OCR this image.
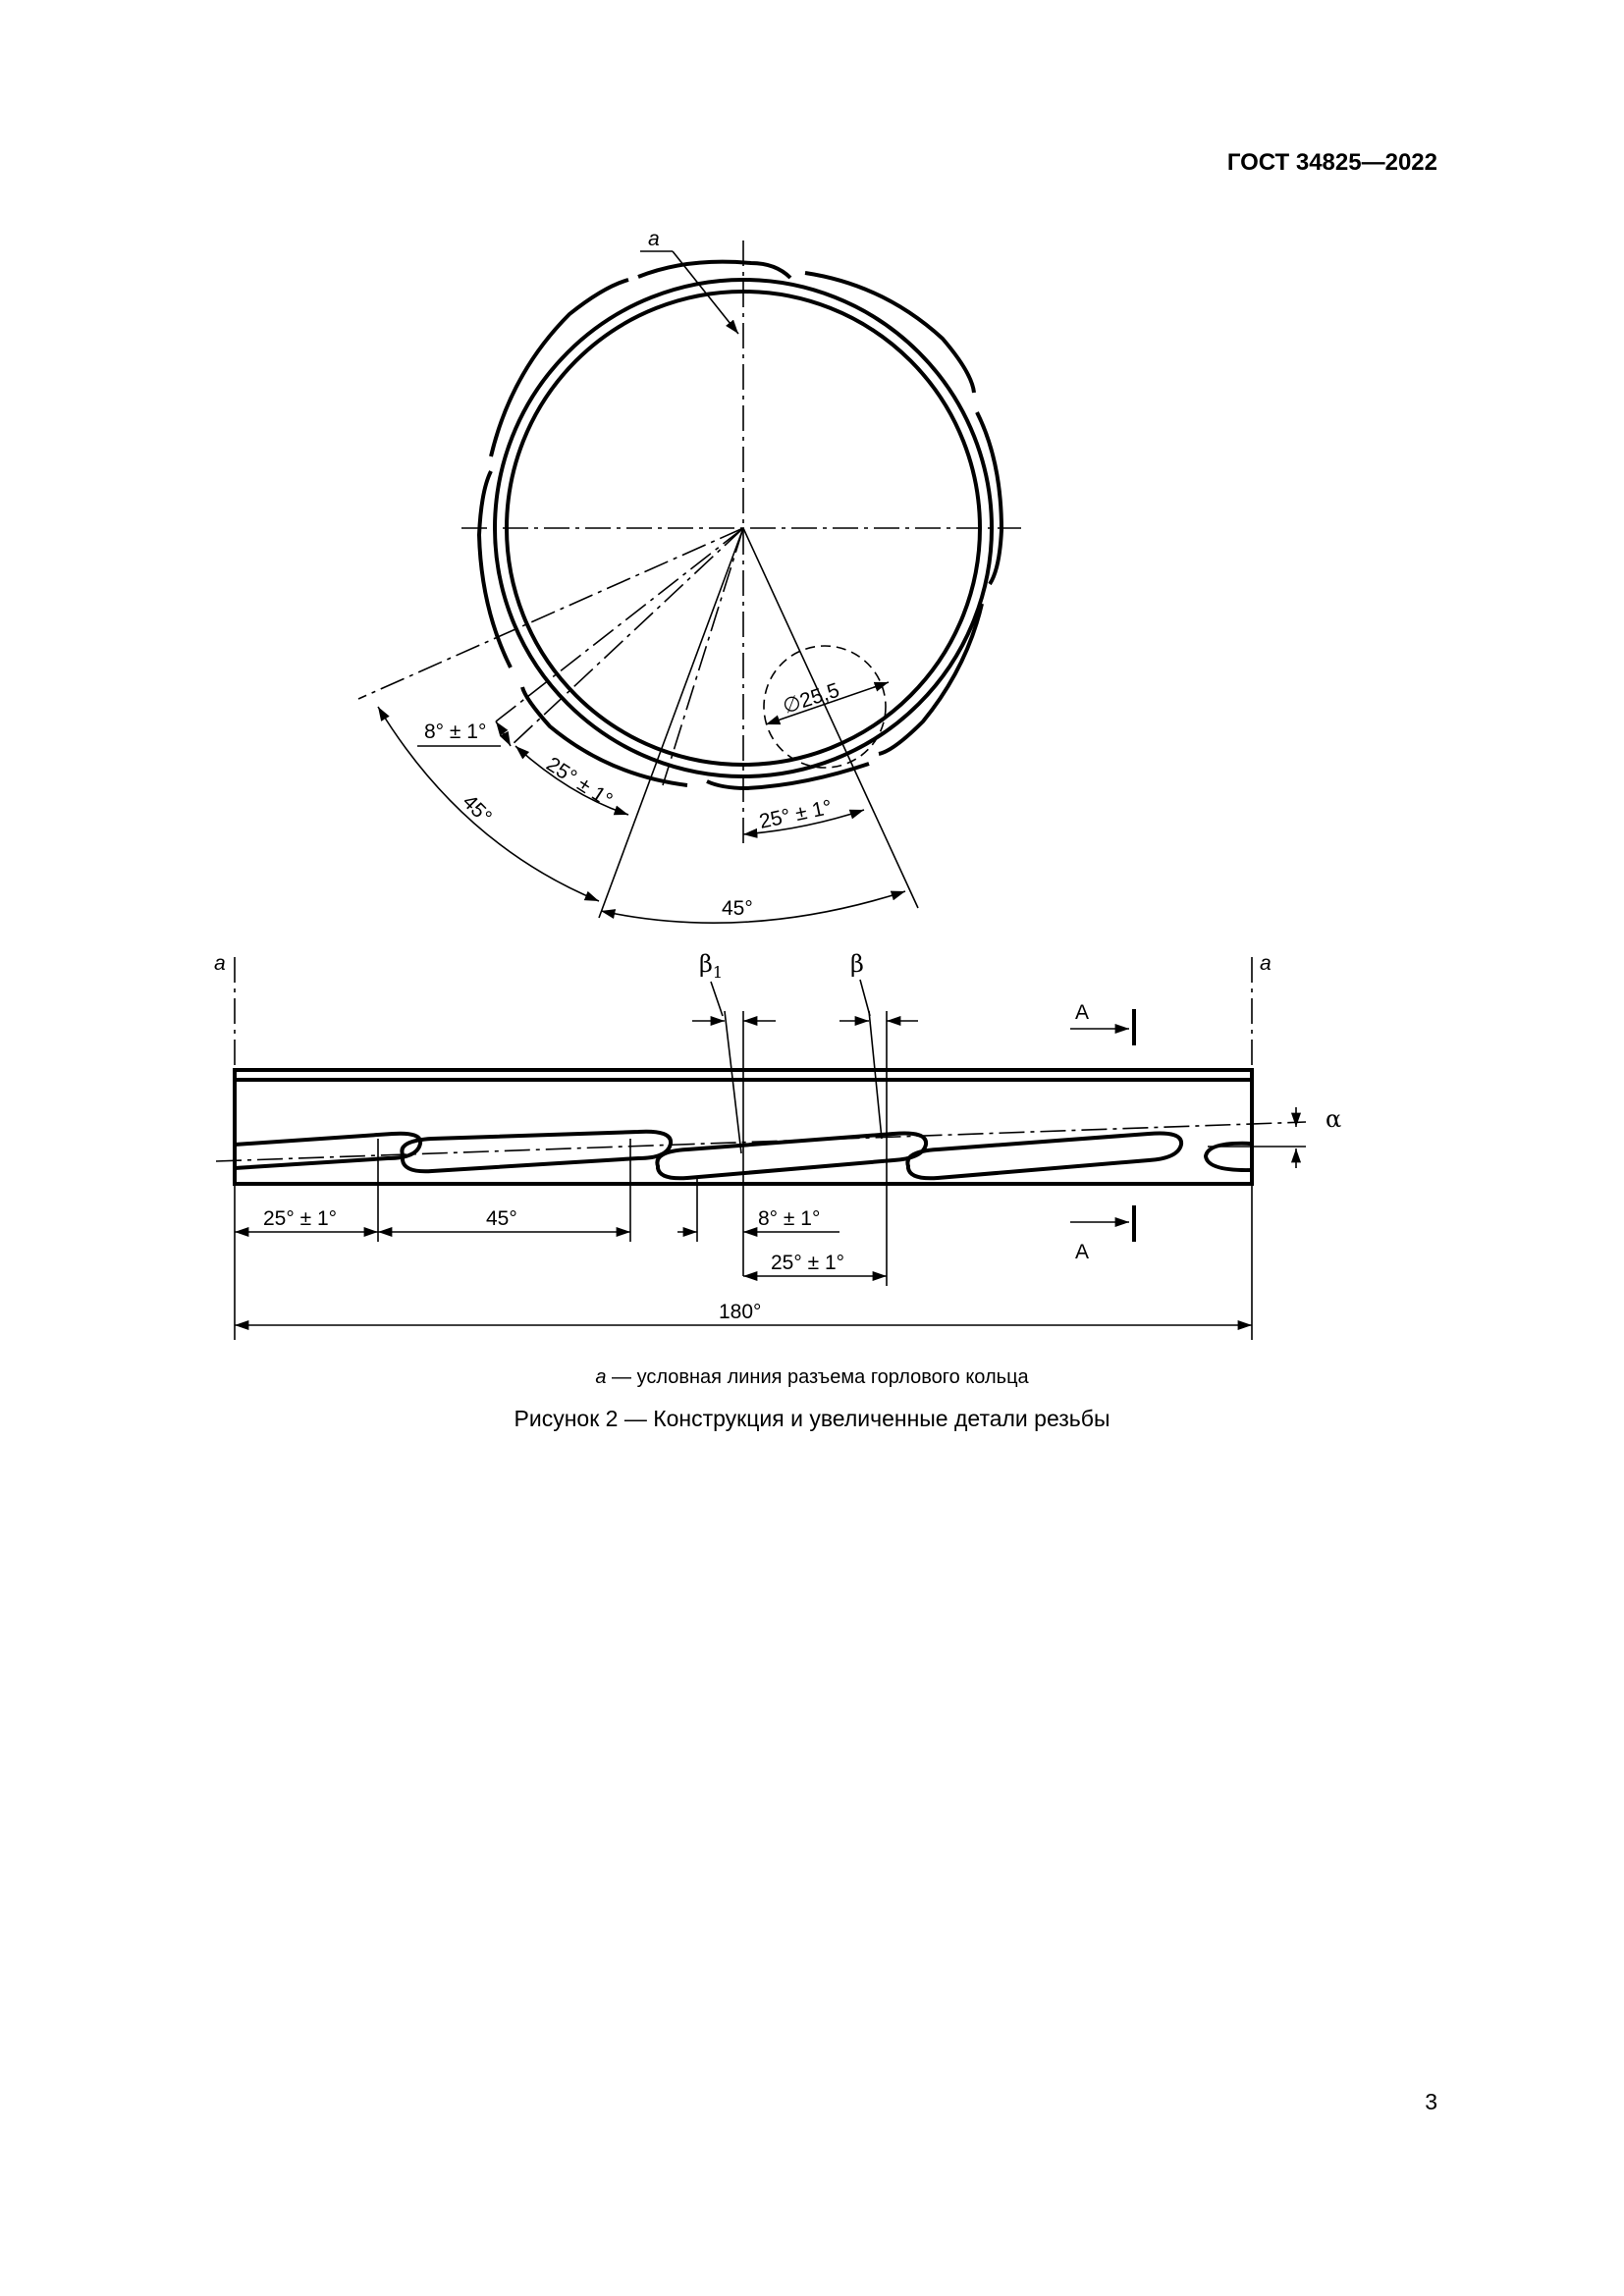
ГОСТ 34825—2022
a
∅25,5
8° ± 1°
25° ± 1°
45°	25° ± 1°
45°
a	a
α
$\beta_1$	β
A
A
25° ± 1°	45°	8° ± 1°
25° ± 1°
180°
a — условная линия разъема горлового кольца
Рисунок 2 — Конструкция и увеличенные детали резьбы
3
